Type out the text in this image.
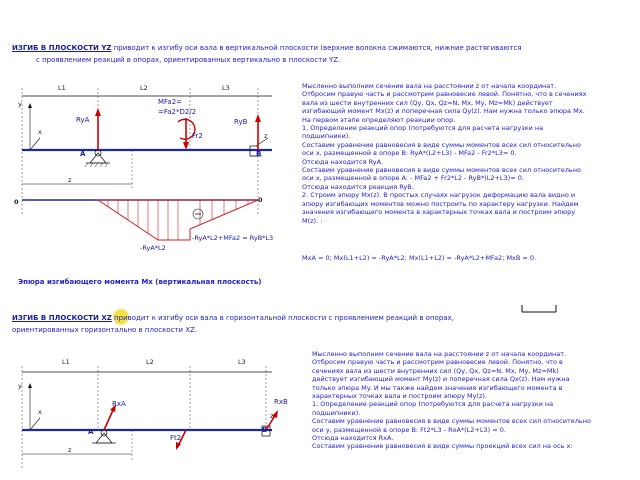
ИЗГИБ В ПЛОСКОСТИ YZ приводит к изгибу оси вала в вертикальной плоскости (верхние волокна сжимаются, нижние растягиваются
с проявлением реакций в опорах, ориентированных вертикально в плоскости YZ.
L1	L2	L3
y
x	z
z
RyA	RyB
MFa2=
=Fa2*D2/2
Fr2
A	B
0	0
-RyA*L2
-RyA*L2+MFa2 = RyB*L3
Эпюра изгибающего момента Mx (вертикальная плоскость)
Мысленно выполним сечение вала на расстоянии z от начала координат.
Отбросим правую часть и рассмотрим равновесие левой. Понятно, что в сечениях
вала из шести внутренних сил (Qy, Qx, Qz=N, Mx, My, Mz=Mk) действует
изгибающий момент Mx(z) и поперечная сила Qy(z). Нам нужна только эпюра Mx.
На первом этапе определяют реакции опор.
1. Определение реакций опор (потребуются для расчета нагрузки на
подшипники).
Составим уравнение равновесия в виде суммы моментов всех сил относительно
оси x, размещенной в опоре B: RyA*(L2+L3) - MFa2 - Fr2*L3= 0.
Отсюда находится RyA.
Составим уравнение равновесия в виде суммы моментов всех сил относительно
оси x, размещенной в опоре A: - MFa2 + Fr2*L2 - RyB*(L2+L3)= 0.
Отсюда находится реакция RyB.
2. Строим эпюру Mx(z). В простых случаях нагрузок деформацию вала видно и
эпюру изгибающих моментов можно построить по характеру нагрузки. Найдем
значения изгибающего момента в характерных точках вала и построим эпюру
M(z). :
MxA = 0; Mx(L1+L2) = -RyA*L2; Mx(L1+L2) = -RyA*L2+MFa2; MxB = 0.
ИЗГИБ В ПЛОСКОСТИ XZ приводит к изгибу оси вала в горизонтальной плоскости с проявлением реакций в опорах,
ориентированных горизонтально в плоскости XZ.
L1	L2	L3
y
x	z
z
RxA	RxB
Ft2
A	B
Мысленно выполним сечение вала на расстоянии z от начала координат.
Отбросим правую часть и рассмотрим равновесие левой. Понятно, что в
сечениях вала из шести внутренних сил (Qy, Qx, Qz=N, Mx, My, Mz=Mk)
действует изгибающий момент My(z) и поперечная сила Qx(z). Нам нужна
только эпюра My. И мы также найдем значения изгибающего момента в
характерных точках вала и построим эпюру My(z).
1. Определение реакций опор (потребуются для расчета нагрузки на
подшипники).
Составим уравнение равновесия в виде суммы моментов всех сил относительно
оси y, размещенной в опоре B: Ft2*L3 - RxA*(L2+L3) = 0.
Отсюда находится RxA.
Составим уравнение равновесия в виде суммы проекций всех сил на ось x:
